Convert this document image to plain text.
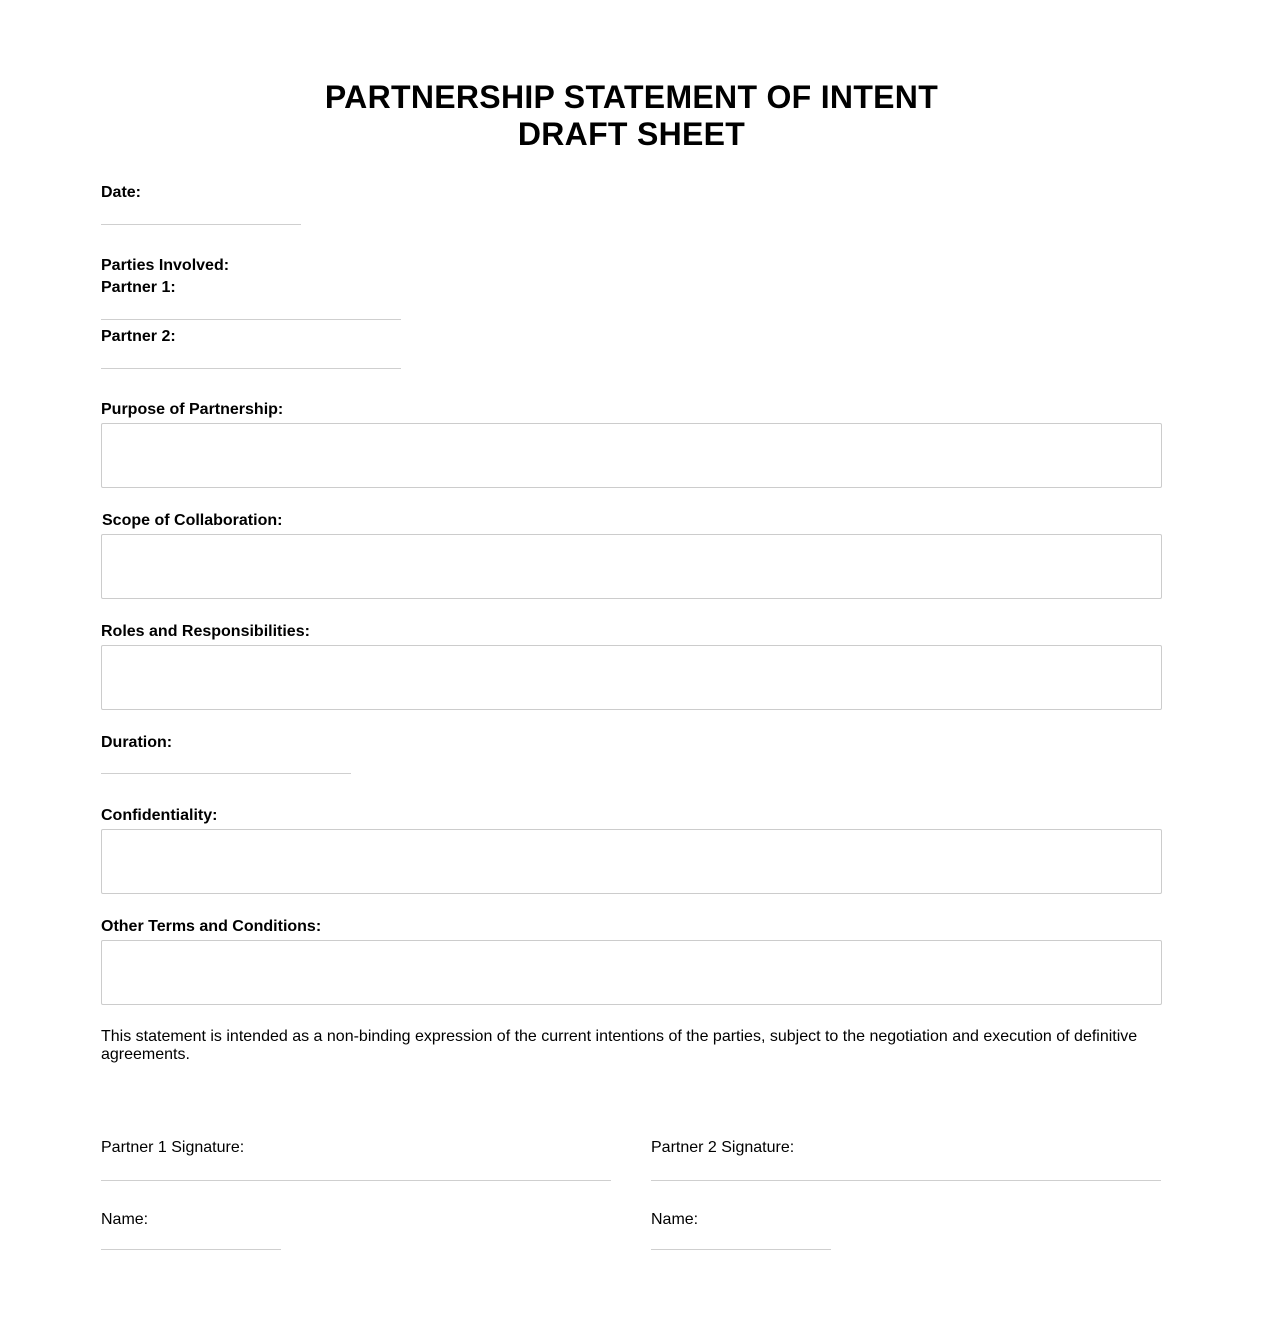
PARTNERSHIP STATEMENT OF INTENT
DRAFT SHEET
Date:
Parties Involved:
Partner 1:
Partner 2:
Purpose of Partnership:
Scope of Collaboration:
Roles and Responsibilities:
Duration:
Confidentiality:
Other Terms and Conditions:
This statement is intended as a non-binding expression of the current intentions of the parties, subject to the negotiation and execution of definitive agreements.
Partner 1 Signature:	Partner 2 Signature:
Name:	Name:
